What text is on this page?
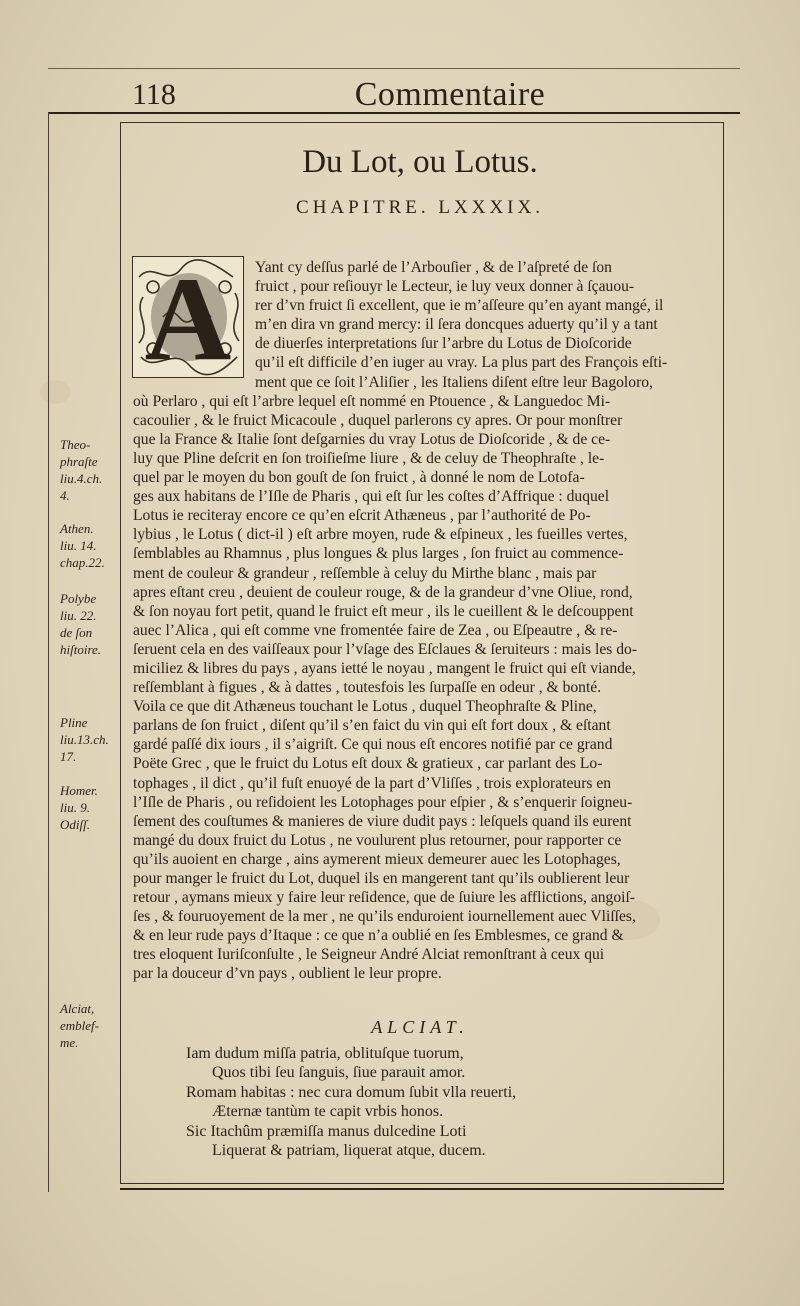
118	Commentaire
Du Lot, ou Lotus.
CHAPITRE. LXXXIX.
A	Yant cy deſſus parlé de l’Arbouſier , & de l’aſpreté de ſon
fruict , pour reſiouyr le Lecteur, ie luy veux donner à ſçauou-
rer d’vn fruict ſi excellent, que ie m’aſſeure qu’en ayant mangé, il
m’en dira vn grand mercy: il ſera doncques aduerty qu’il y a tant
de diuerſes interpretations ſur l’arbre du Lotus de Dioſcoride
qu’il eſt difficile d’en iuger au vray. La plus part des François eſti-
ment que ce ſoit l’Aliſier , les Italiens diſent eſtre leur Bagoloro,
où Perlaro , qui eſt l’arbre lequel eſt nommé en Ptouence , & Languedoc Mi-
cacoulier , & le fruict Micacoule , duquel parlerons cy apres. Or pour monſtrer
que la France & Italie ſont deſgarnies du vray Lotus de Dioſcoride , & de ce-
luy que Pline deſcrit en ſon troiſieſme liure , & de celuy de Theophraſte , le-
quel par le moyen du bon gouſt de ſon fruict , à donné le nom de Lotofa-
ges aux habitans de l’Iſle de Pharis , qui eſt ſur les coſtes d’Affrique : duquel
Lotus ie reciteray encore ce qu’en eſcrit Athæneus , par l’authorité de Po-
lybius , le Lotus ( dict-il ) eſt arbre moyen, rude & eſpineux , les fueilles vertes,
ſemblables au Rhamnus , plus longues & plus larges , ſon fruict au commence-
ment de couleur & grandeur , reſſemble à celuy du Mirthe blanc , mais par
apres eſtant creu , deuient de couleur rouge, & de la grandeur d’vne Oliue, rond,
& ſon noyau fort petit, quand le fruict eſt meur , ils le cueillent & le deſcouppent
auec l’Alica , qui eſt comme vne fromentée faire de Zea , ou Eſpeautre , & re-
ſeruent cela en des vaiſſeaux pour l’vſage des Eſclaues & ſeruiteurs : mais les do-
miciliez & libres du pays , ayans ietté le noyau , mangent le fruict qui eſt viande,
reſſemblant à figues , & à dattes , toutesfois les ſurpaſſe en odeur , & bonté.
Voila ce que dit Athæneus touchant le Lotus , duquel Theophraſte & Pline,
parlans de ſon fruict , diſent qu’il s’en faict du vin qui eſt fort doux , & eſtant
gardé paſſé dix iours , il s’aigriſt. Ce qui nous eſt encores notifié par ce grand
Poëte Grec , que le fruict du Lotus eſt doux & gratieux , car parlant des Lo-
tophages , il dict , qu’il fuſt enuoyé de la part d’Vliſſes , trois explorateurs en
l’Iſle de Pharis , ou reſidoient les Lotophages pour eſpier , & s’enquerir ſoigneu-
ſement des couſtumes & manieres de viure dudit pays : leſquels quand ils eurent
mangé du doux fruict du Lotus , ne voulurent plus retourner, pour rapporter ce
qu’ils auoient en charge , ains aymerent mieux demeurer auec les Lotophages,
pour manger le fruict du Lot, duquel ils en mangerent tant qu’ils oublierent leur
retour , aymans mieux y faire leur reſidence, que de ſuiure les afflictions, angoiſ-
ſes , & fouruoyement de la mer , ne qu’ils enduroient iournellement auec Vliſſes,
& en leur rude pays d’Itaque : ce que n’a oublié en ſes Emblesmes, ce grand &
tres eloquent Iuriſconſulte , le Seigneur André Alciat remonſtrant à ceux qui
par la douceur d’vn pays , oublient le leur propre.
Theo-
phraſte
liu.4.ch.
4.
Athen.
liu. 14.
chap.22.
Polybe
liu. 22.
de ſon
hiſtoire.
Pline
liu.13.ch.
17.
Homer.
liu. 9.
Odiſſ.
Alciat,
emblef-
me.
ALCIAT.
Iam dudum miſſa patria, oblituſque tuorum,
Quos tibi ſeu ſanguis, ſiue parauit amor.
Romam habitas : nec cura domum ſubit vlla reuerti,
Æternæ tantùm te capit vrbis honos.
Sic Itachûm præmiſſa manus dulcedine Loti
Liquerat & patriam, liquerat atque, ducem.
